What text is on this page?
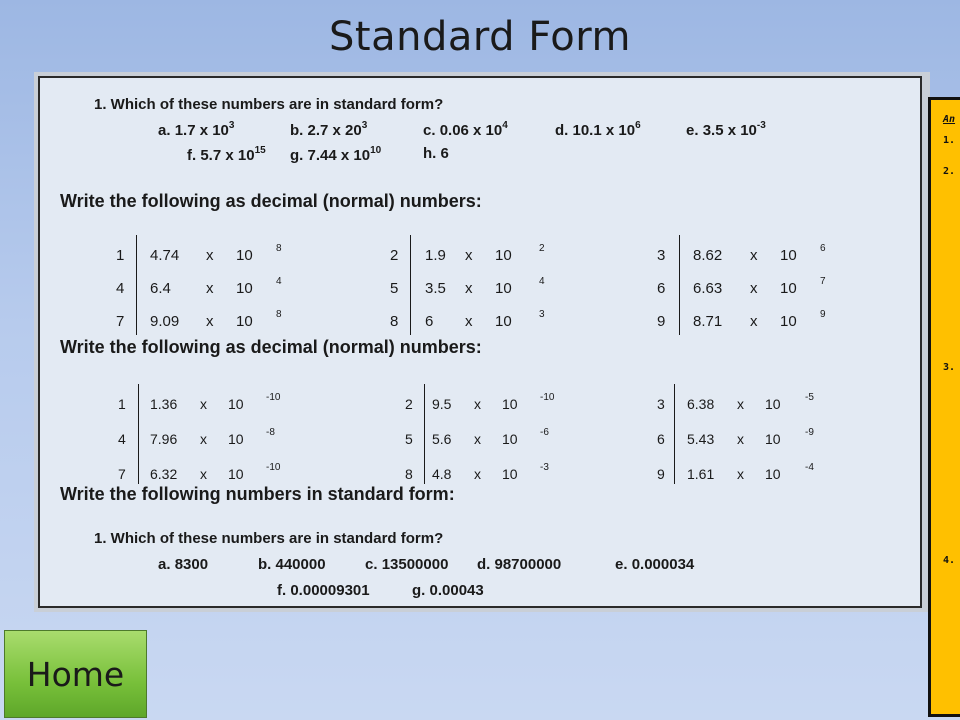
Standard Form
1. Which of these numbers are in standard form?
Write the following as decimal (normal) numbers:
Write the following as decimal (normal) numbers:
Write the following numbers in standard form:
1. Which of these numbers are in standard form?
a. 1.7 x $10^3$	b. 2.7 x $20^3$	c. 0.06 x $10^4$	d. 10.1 x $10^6$	e. 3.5 x $10^{-3}$
f. 5.7 x $10^{15}$ g. 7.44 x $10^{10}$	h. 6
a. 8300	b. 440000	c. 13500000 d. 98700000	e. 0.000034
f. 0.00009301	g. 0.00043
1 4.74 x 10 8	2 1.9 x 10	2	3 8.62 x 10 6
4 6.4 x 10 4	5 3.5 x 10	4	6 6.63 x 10 7
7 9.09 x 10 8	8 6 x 10	3	9 8.71 x 10 9
1 1.36 x 10 -10	2 9.5 x 10 -10	3 6.38 x 10 -5
4 7.96 x 10 -8	5 5.6 x 10 -6	6 5.43 x 10 -9
7 6.32 x 10 -10	8 4.8 x 10 -3	9 1.61 x 10 -4
An
1.
2.
3.
4.
Home
